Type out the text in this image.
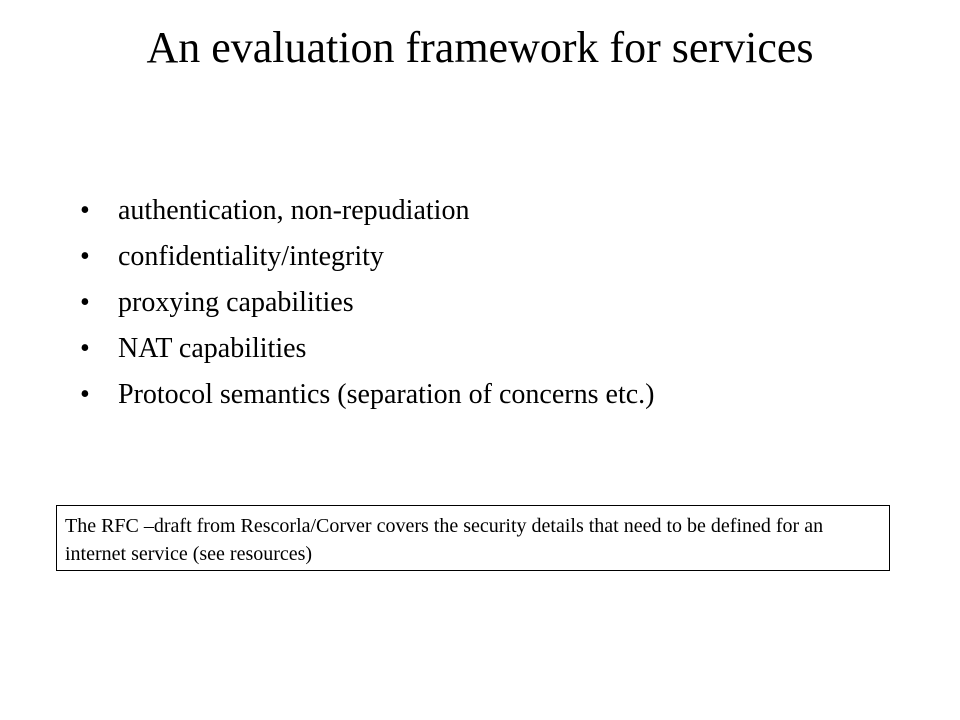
An evaluation framework for services
•	authentication, non-repudiation
•	confidentiality/integrity
•	proxying capabilities
•	NAT capabilities
•	Protocol semantics (separation of concerns etc.)
The RFC –draft from Rescorla/Corver covers the security details that need to be defined for an internet service (see resources)
